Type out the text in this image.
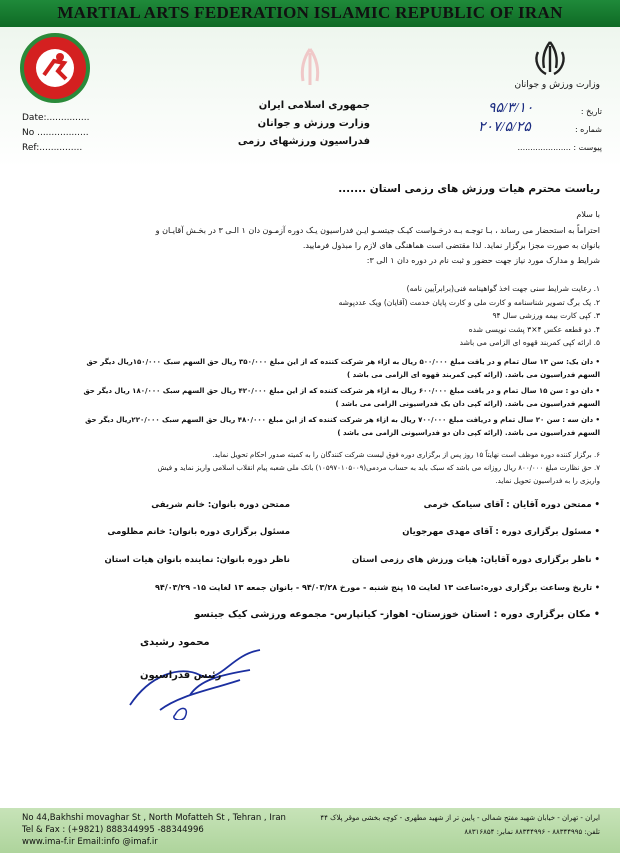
MARTIAL ARTS FEDERATION ISLAMIC REPUBLIC OF IRAN
وزارت ورزش و جوانان
Date:...............
No ..................
Ref:...............
جمهوری اسلامی ایران
وزارت ورزش و جوانان
فدراسیون ورزشهای رزمی
تاریخ :
۹۵/۳/۱۰
شماره :
۲۰۷/۵/۲۵
پیوست : .....................
ریاست محترم هیات ورزش های رزمی استان .......
با سلام
احتراماً به استحضار می رساند ، بـا توجـه بـه درخـواست کیـک جیتسـو ایـن فدراسیون یـک دوره آزمـون دان ۱ الـی ۳ در بخـش آقایـان و
بانوان به صورت مجزا برگزار نماید. لذا مقتضی است هماهنگی های لازم را مبذول فرمایید.
شرایط و مدارک مورد نیاز جهت حضور و ثبت نام در دوره دان ۱ الی ۳:
۱. رعایت شرایط سنی جهت اخذ گواهینامه فنی(برابرآیین نامه)
۲. یک برگ تصویر شناسنامه و کارت ملی و کارت پایان خدمت (آقایان) ویک عددپوشه
۳. کپی کارت بیمه ورزشی سال ۹۴
۴. دو قطعه عکس ۴×۳ پشت نویسی شده
۵. ارائه کپی کمربند قهوه ای الزامی می باشد
• دان یک: سن ۱۳ سال تمام و در یافت مبلغ ۵۰۰/۰۰۰ ریال به ازاء هر شرکت کننده که از این مبلغ ۳۵۰/۰۰۰ ریال حق السهم سبک ۱۵۰/۰۰۰ریال دیگر حق
السهم فدراسیون می باشد. (ارائه کپی کمربند قهوه ای الزامی می باشد )
• دان دو : سن ۱۵ سال تمام و در یافت مبلغ ۶۰۰/۰۰۰ ریال به ازاء هر شرکت کننده که از این مبلغ ۴۲۰/۰۰۰ ریال حق السهم سبک ۱۸۰/۰۰۰ ریال دیگر حق
السهم فدراسیون می باشد. (ارائه کپی دان یک فدراسیونی الزامی می باشد )
• دان سه : سن ۲۰ سال تمام و دریافت مبلغ ۷۰۰/۰۰۰ ریال به ازاء هر شرکت کننده که از این مبلغ ۴۸۰/۰۰۰ ریال حق السهم سبک ۲۲۰/۰۰۰ریال دیگر حق
السهم فدراسیون می باشد. (ارائه کپی دان دو فدراسیونی الزامی می باشد )
۶. برگزار کننده دوره موظف است نهایتاً ۱۵ روز پس از برگزاری دوره فوق لیست شرکت کنندگان را به کمیته صدور احکام تحویل نماید.
۷. حق نظارت مبلغ ۸۰۰/۰۰۰ ریال روزانه می باشد که سبک باید به حساب مردمی(۱۰۵۹۷۰۱۰۵۰۰۹) بانک ملی شعبه پیام انقلاب اسلامی واریز نماید و فیش
واریزی را به فدراسیون تحویل نماید.
• ممتحن دوره آقایان : آقای سیامک خرمی
ممتحن دوره بانوان: خانم شریفی
• مسئول برگزاری دوره : آقای مهدی مهرجویان
مسئول برگزاری دوره بانوان: خانم مظلومی
• ناظر برگزاری دوره آقایان: هیات ورزش های رزمی استان
ناظر دوره بانوان: نماینده بانوان هیات استان
• تاریخ وساعت برگزاری دوره:ساعت ۱۳ لغایت ۱۵ پنج شنبه - مورخ ۹۴/۰۳/۲۸ - بانوان جمعه ۱۳ لغایت ۱۵- ۹۴/۰۳/۲۹
• مکان برگزاری دوره : استان خوزستان- اهواز- کیانپارس- مجموعه ورزشی کیک جیتسو
محمود رشیدی
رئیس فدراسیون
No 44,Bakhshi movaghar St , North Mofatteh St , Tehran , Iran
Tel & Fax : (+9821) 888344995 -88344996
www.ima-f.ir Email:info @imaf.ir
ایران - تهران - خیابان شهید مفتح شمالی - پایین تر از شهید مطهری - کوچه بخشی موقر پلاک ۴۴
تلفن: ۸۸۳۴۴۹۹۵ - ۸۸۳۴۴۹۹۶ نمابر: ۸۸۳۱۶۸۵۴
